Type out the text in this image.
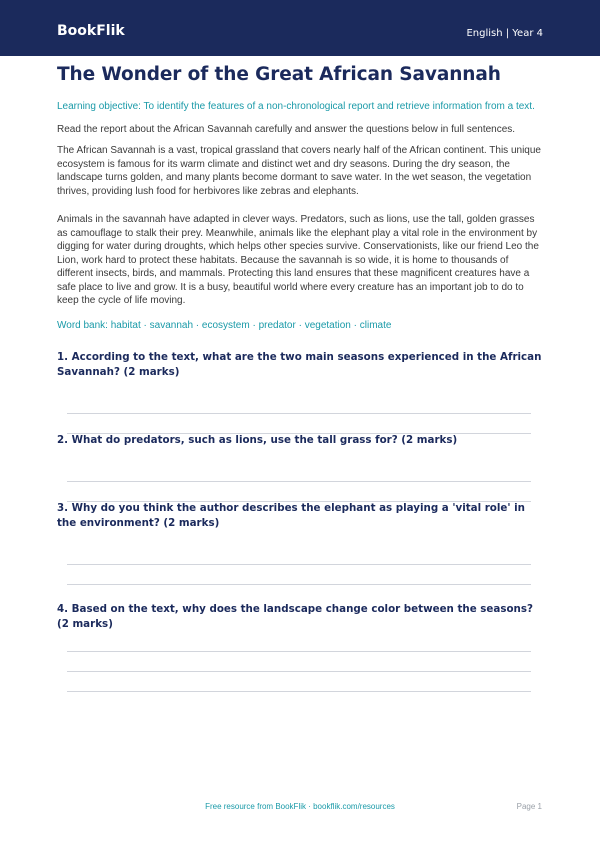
BookFlik	English | Year 4
The Wonder of the Great African Savannah
Learning objective: To identify the features of a non-chronological report and retrieve information from a text.
Read the report about the African Savannah carefully and answer the questions below in full sentences.

The African Savannah is a vast, tropical grassland that covers nearly half of the African continent. This unique ecosystem is famous for its warm climate and distinct wet and dry seasons. During the dry season, the landscape turns golden, and many plants become dormant to save water. In the wet season, the vegetation thrives, providing lush food for herbivores like zebras and elephants.

Animals in the savannah have adapted in clever ways. Predators, such as lions, use the tall, golden grasses as camouflage to stalk their prey. Meanwhile, animals like the elephant play a vital role in the environment by digging for water during droughts, which helps other species survive. Conservationists, like our friend Leo the Lion, work hard to protect these habitats. Because the savannah is so wide, it is home to thousands of different insects, birds, and mammals. Protecting this land ensures that these magnificent creatures have a safe place to live and grow. It is a busy, beautiful world where every creature has an important job to do to keep the cycle of life moving.

Word bank: habitat · savannah · ecosystem · predator · vegetation · climate

1. According to the text, what are the two main seasons experienced in the African Savannah? (2 marks)

2. What do predators, such as lions, use the tall grass for? (2 marks)

3. Why do you think the author describes the elephant as playing a 'vital role' in the environment? (2 marks)

4. Based on the text, why does the landscape change color between the seasons? (2 marks)

Free resource from BookFlik · bookflik.com/resources	Page 1
